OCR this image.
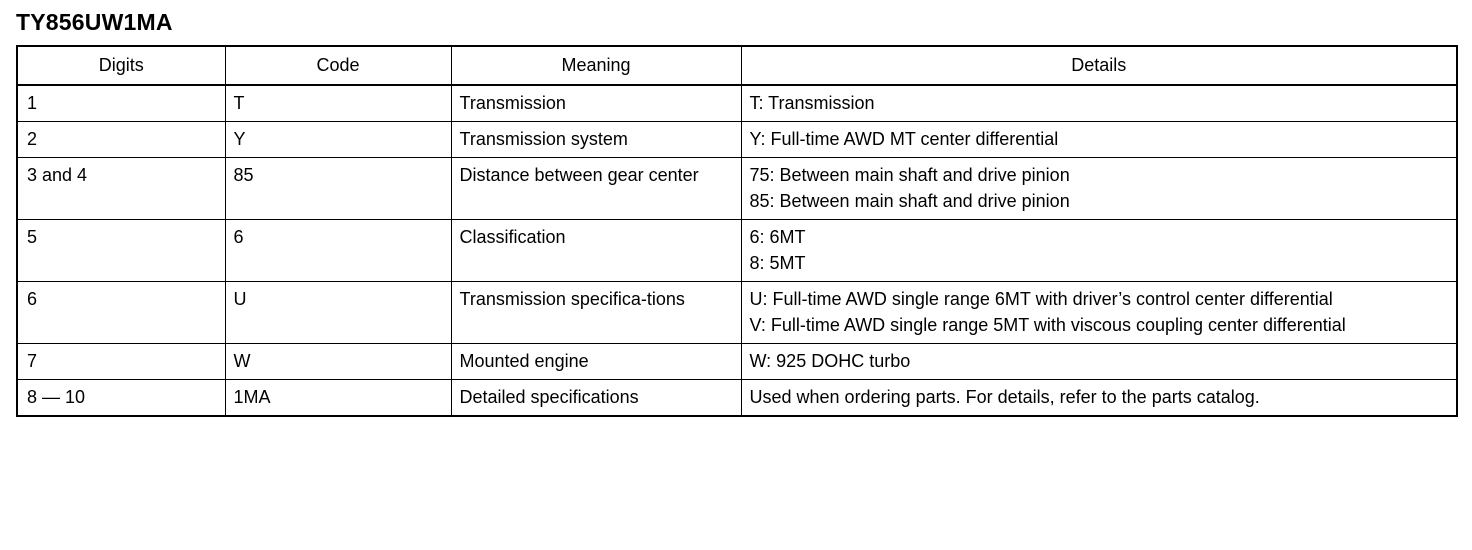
TY856UW1MA
Digits	Code	Meaning	Details
1	T	Transmission	T: Transmission

2	Y	Transmission system	Y: Full-time AWD MT center differential

3 and 4	85	Distance between gear center	75: Between main shaft and drive pinion
85: Between main shaft and drive pinion

5	6	Classification	6: 6MT
8: 5MT

6	U	Transmission specifica-tions	U: Full-time AWD single range 6MT with driver’s control center differential
V: Full-time AWD single range 5MT with viscous coupling center differential

7	W	Mounted engine	W: 925 DOHC turbo

8 — 10	1MA	Detailed specifications	Used when ordering parts. For details, refer to the parts catalog.
